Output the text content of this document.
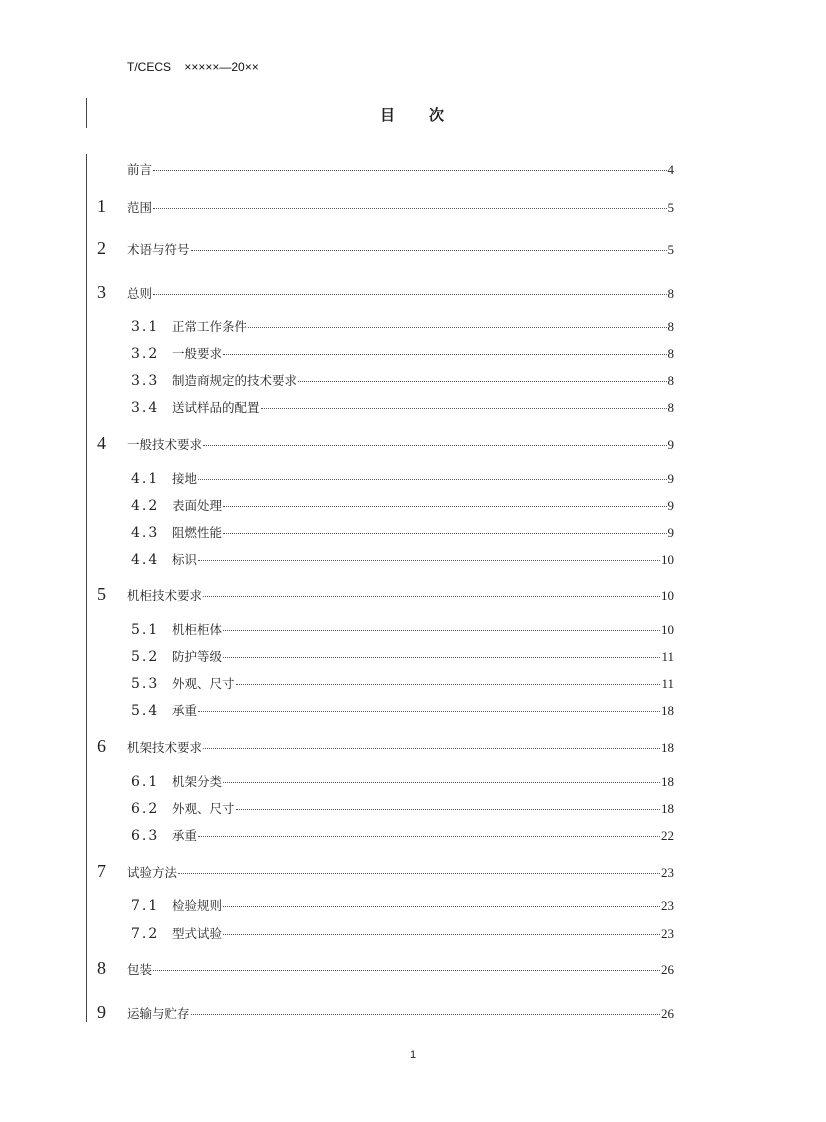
T/CECS    ×××××—20××
目 次
前言	4
1 范围	5
2 术语与符号	5
3 总则	8
3.1 正常工作条件	8
3.2 一般要求	8
3.3 制造商规定的技术要求	8
3.4 送试样品的配置	8
4 一般技术要求	9
4.1 接地	9
4.2 表面处理	9
4.3 阻燃性能	9
4.4 标识	10
5 机柜技术要求	10
5.1 机柜柜体	10
5.2 防护等级	11
5.3 外观、尺寸	11
5.4 承重	18
6 机架技术要求	18
6.1 机架分类	18
6.2 外观、尺寸	18
6.3 承重	22
7 试验方法	23
7.1 检验规则	23
7.2 型式试验	23
8 包装	26
9 运输与贮存	26
1
